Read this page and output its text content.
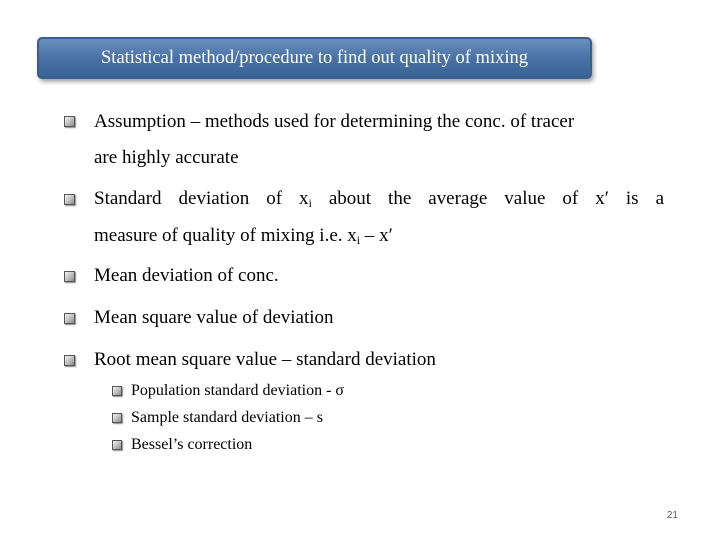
Statistical method/procedure to find out quality of mixing
Assumption – methods used for determining the conc. of tracer
are highly accurate
Standard deviation of $x_i$ about the average value of x′ is a
measure of quality of mixing i.e. $x_i - x'$
Mean deviation of conc.
Mean square value of deviation
Root mean square value – standard deviation
Population standard deviation - σ
Sample standard deviation – s
Bessel’s correction
21
